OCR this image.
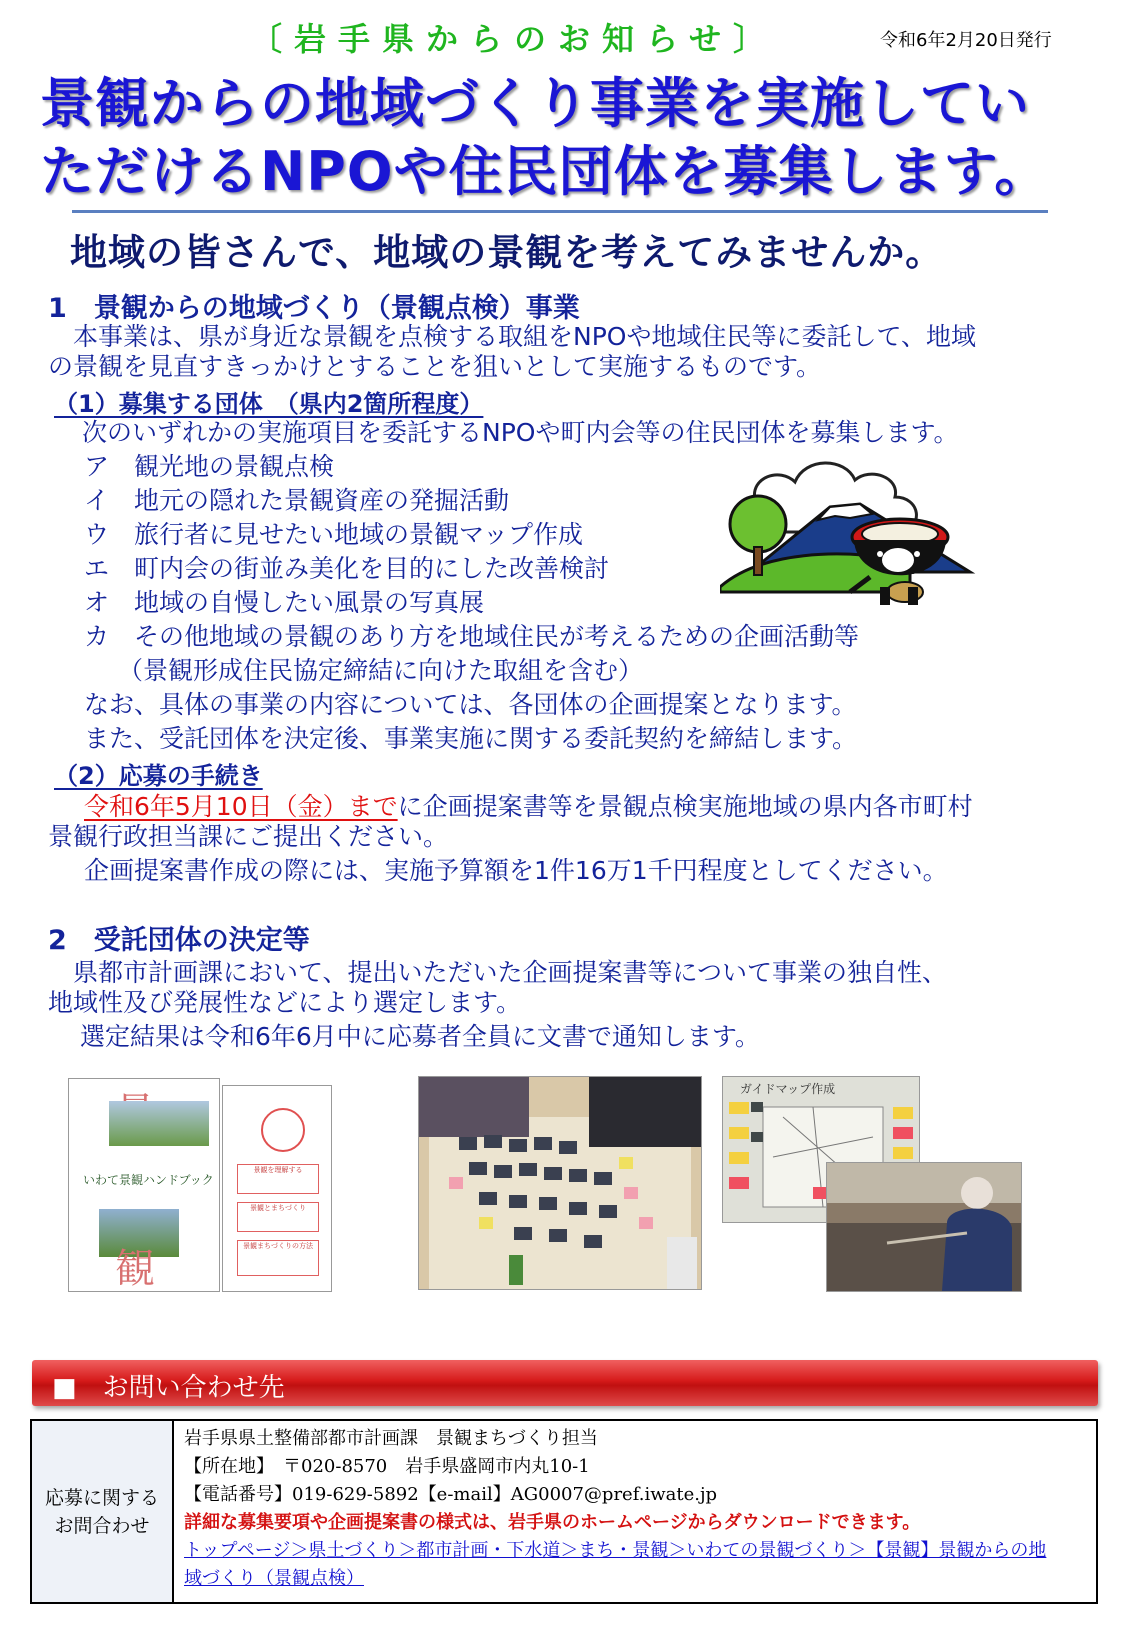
〔岩手県からのお知らせ〕	令和6年2月20日発行
景観からの地域づくり事業を実施してい
ただけるNPOや住民団体を募集します。
地域の皆さんで、地域の景観を考えてみませんか。
1　景観からの地域づくり（景観点検）事業
　本事業は、県が身近な景観を点検する取組をNPOや地域住民等に委託して、地域
の景観を見直すきっかけとすることを狙いとして実施するものです。
（1）募集する団体　（県内2箇所程度）
次のいずれかの実施項目を委託するNPOや町内会等の住民団体を募集します。
ア　観光地の景観点検
イ　地元の隠れた景観資産の発掘活動
ウ　旅行者に見せたい地域の景観マップ作成
エ　町内会の街並み美化を目的にした改善検討
オ　地域の自慢したい風景の写真展
カ　その他地域の景観のあり方を地域住民が考えるための企画活動等
（景観形成住民協定締結に向けた取組を含む）
なお、具体の事業の内容については、各団体の企画提案となります。
また、受託団体を決定後、事業実施に関する委託契約を締結します。
（2）応募の手続き
令和6年5月10日（金）までに企画提案書等を景観点検実施地域の県内各市町村
景観行政担当課にご提出ください。
企画提案書作成の際には、実施予算額を1件16万1千円程度としてください。
2　受託団体の決定等
　県都市計画課において、提出いただいた企画提案書等について事業の独自性、
地域性及び発展性などにより選定します。
選定結果は令和6年6月中に応募者全員に文書で通知します。
いわて景観ハンドブック
観
景観を理解する
景観とまちづくり
景観まちづくりの方法
ガイドマップ作成
■　お問い合わせ先
応募に関する
お問合わせ
岩手県県土整備部都市計画課　景観まちづくり担当
【所在地】　〒020-8570　岩手県盛岡市内丸10-1
【電話番号】019-629-5892【e-mail】AG0007@pref.iwate.jp
詳細な募集要項や企画提案書の様式は、岩手県のホームページからダウンロードできます。
トップページ＞県土づくり＞都市計画・下水道＞まち・景観＞いわての景観づくり＞【景観】景観からの地
域づくり（景観点検）
